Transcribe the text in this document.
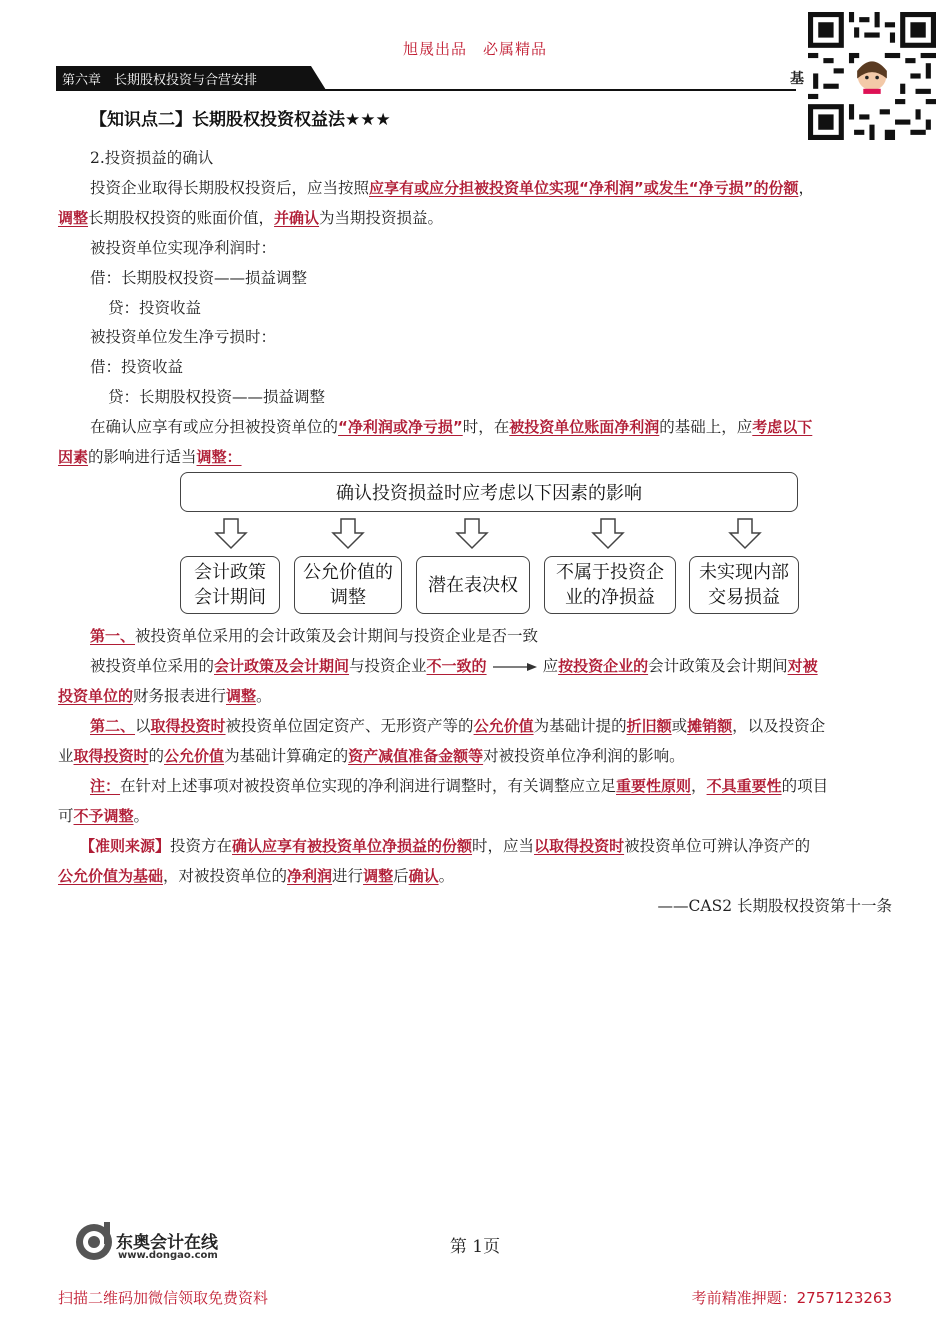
旭晟出品　必属精品
第六章　长期股权投资与合营安排	基
【知识点二】长期股权投资权益法★★★
2.投资损益的确认
投资企业取得长期股权投资后，应当按照应享有或应分担被投资单位实现“净利润”或发生“净亏损”的份额，
调整长期股权投资的账面价值，并确认为当期投资损益。
被投资单位实现净利润时：
借：长期股权投资——损益调整
贷：投资收益
被投资单位发生净亏损时：
借：投资收益
贷：长期股权投资——损益调整
在确认应享有或应分担被投资单位的“净利润或净亏损”时，在被投资单位账面净利润的基础上，应考虑以下
因素的影响进行适当调整：
确认投资损益时应考虑以下因素的影响
会计政策
会计期间
公允价值的
调整
潜在表决权
不属于投资企
业的净损益
未实现内部
交易损益
第一、被投资单位采用的会计政策及会计期间与投资企业是否一致
被投资单位采用的会计政策及会计期间与投资企业不一致的	应按投资企业的会计政策及会计期间对被
投资单位的财务报表进行调整。
第二、以取得投资时被投资单位固定资产、无形资产等的公允价值为基础计提的折旧额或摊销额，以及投资企
业取得投资时的公允价值为基础计算确定的资产减值准备金额等对被投资单位净利润的影响。
注：在针对上述事项对被投资单位实现的净利润进行调整时，有关调整应立足重要性原则，不具重要性的项目
可不予调整。
【准则来源】投资方在确认应享有被投资单位净损益的份额时，应当以取得投资时被投资单位可辨认净资产的
公允价值为基础，对被投资单位的净利润进行调整后确认。
——CAS2 长期股权投资第十一条
东奥会计在线
www.dongao.com	第 1页
扫描二维码加微信领取免费资料	考前精准押题：2757123263
